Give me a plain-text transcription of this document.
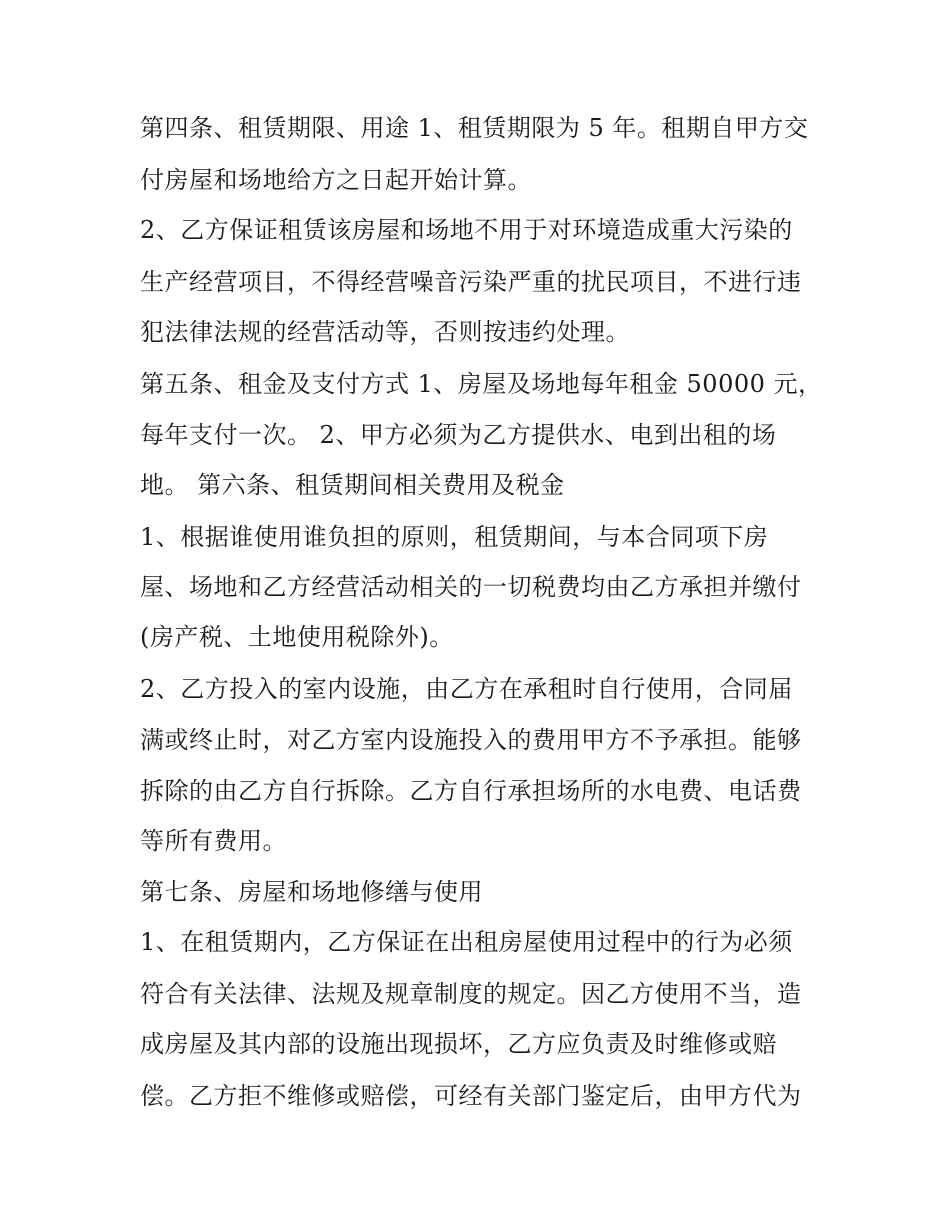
第四条、租赁期限、用途 1、租赁期限为 5 年。租期自甲方交

付房屋和场地给方之日起开始计算。

2、乙方保证租赁该房屋和场地不用于对环境造成重大污染的

生产经营项目，不得经营噪音污染严重的扰民项目，不进行违

犯法律法规的经营活动等，否则按违约处理。

第五条、租金及支付方式 1、房屋及场地每年租金 50000 元，

每年支付一次。 2、甲方必须为乙方提供水、电到出租的场

地。 第六条、租赁期间相关费用及税金

1、根据谁使用谁负担的原则，租赁期间，与本合同项下房

屋、场地和乙方经营活动相关的一切税费均由乙方承担并缴付

(房产税、土地使用税除外)。

2、乙方投入的室内设施，由乙方在承租时自行使用，合同届

满或终止时，对乙方室内设施投入的费用甲方不予承担。能够

拆除的由乙方自行拆除。乙方自行承担场所的水电费、电话费

等所有费用。

第七条、房屋和场地修缮与使用

1、在租赁期内，乙方保证在出租房屋使用过程中的行为必须

符合有关法律、法规及规章制度的规定。因乙方使用不当，造

成房屋及其内部的设施出现损坏，乙方应负责及时维修或赔

偿。乙方拒不维修或赔偿，可经有关部门鉴定后，由甲方代为
